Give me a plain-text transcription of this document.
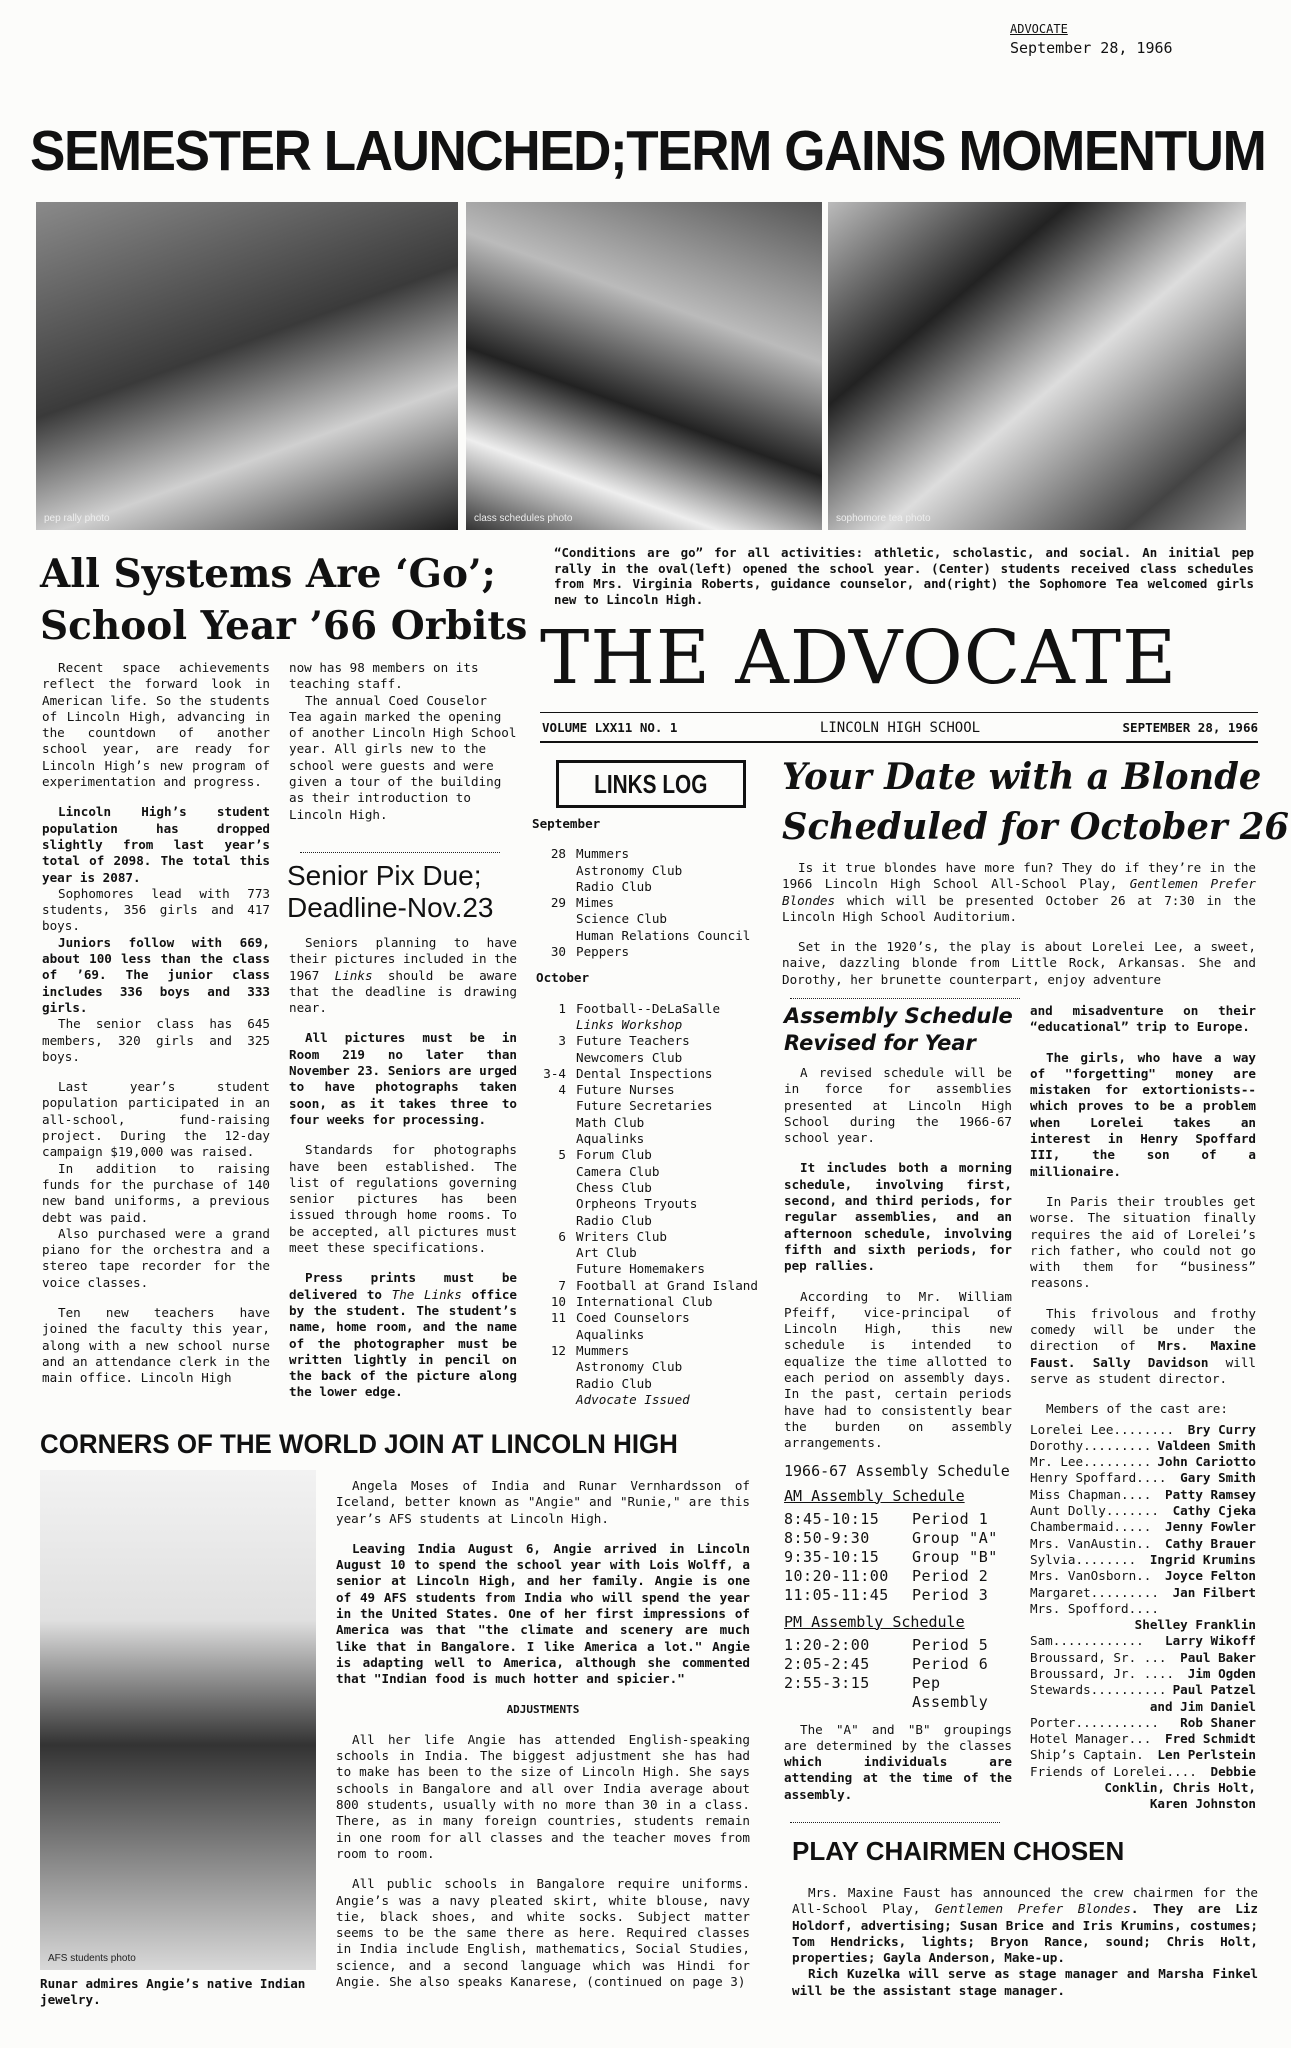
ADVOCATE
September 28, 1966
SEMESTER LAUNCHED;TERM GAINS MOMENTUM
pep rally photo	class schedules photo	sophomore tea photo
“Conditions are go” for all activities: athletic, scholastic, and social. An initial pep rally in the oval(left) opened the school year. (Center) students received class schedules from Mrs. Virginia Roberts, guidance counselor, and(right) the Sophomore Tea welcomed girls new to Lincoln High.
All Systems Are ‘Go’;
School Year ’66 Orbits

Recent space achievements reflect the forward look in American life. So the students of Lincoln High, advancing in the countdown of another school year, are ready for Lincoln High’s new program of experimentation and progress.

Lincoln High’s student population has dropped slightly from last year’s total of 2098. The total this year is 2087.

Sophomores lead with 773 students, 356 girls and 417 boys.

Juniors follow with 669, about 100 less than the class of ’69. The junior class includes 336 boys and 333 girls.

The senior class has 645 members, 320 girls and 325 boys.

Last year’s student population participated in an all-school, fund-raising project. During the 12-day campaign $19,000 was raised.

In addition to raising funds for the purchase of 140 new band uniforms, a previous debt was paid.

Also purchased were a grand piano for the orchestra and a stereo tape recorder for the voice classes.

Ten new teachers have joined the faculty this year, along with a new school nurse and an attendance clerk in the main office. Lincoln High

now has 98 members on its teaching staff.

The annual Coed Couselor Tea again marked the opening of another Lincoln High School year. All girls new to the school were guests and were given a tour of the building as their introduction to Lincoln High.

Senior Pix Due;
Deadline-Nov.23

Seniors planning to have their pictures included in the 1967 Links should be aware that the deadline is drawing near.

All pictures must be in Room 219 no later than November 23. Seniors are urged to have photographs taken soon, as it takes three to four weeks for processing.

Standards for photographs have been established. The list of regulations governing senior pictures has been issued through home rooms. To be accepted, all pictures must meet these specifications.

Press prints must be delivered to The Links office by the student. The student’s name, home room, and the name of the photographer must be written lightly in pencil on the back of the picture along the lower edge.

THE ADVOCATE
VOLUME LXX11 NO. 1	LINCOLN HIGH SCHOOL	SEPTEMBER 28, 1966
LINKS LOG
September
28 Mummers
Astronomy Club
Radio Club
29 Mimes
Science Club
Human Relations Council
30 Peppers
October
1 Football--DeLaSalle
Links Workshop
3 Future Teachers
Newcomers Club
3-4 Dental Inspections
4 Future Nurses
Future Secretaries
Math Club
Aqualinks
5 Forum Club
Camera Club
Chess Club
Orpheons Tryouts
Radio Club
6 Writers Club
Art Club
Future Homemakers
7 Football at Grand Island
10 International Club
11 Coed Counselors
Aqualinks
12 Mummers
Astronomy Club
Radio Club
Advocate Issued
Your Date with a Blonde
Scheduled for October 26

Is it true blondes have more fun? They do if they’re in the 1966 Lincoln High School All-School Play, Gentlemen Prefer Blondes which will be presented October 26 at 7:30 in the Lincoln High School Auditorium.

Set in the 1920’s, the play is about Lorelei Lee, a sweet, naive, dazzling blonde from Little Rock, Arkansas. She and Dorothy, her brunette counterpart, enjoy adventure

and misadventure on their “educational” trip to Europe.

The girls, who have a way of "forgetting" money are mistaken for extortionists--which proves to be a problem when Lorelei takes an interest in Henry Spoffard III, the son of a millionaire.

In Paris their troubles get worse. The situation finally requires the aid of Lorelei’s rich father, who could not go with them for “business” reasons.

This frivolous and frothy comedy will be under the direction of Mrs. Maxine Faust. Sally Davidson will serve as student director.

Members of the cast are:

Lorelei Lee........ Bry Curry
Dorothy......... Valdeen Smith
Mr. Lee......... John Cariotto
Henry Spoffard.... Gary Smith
Miss Chapman.... Patty Ramsey
Aunt Dolly....... Cathy Cjeka
Chambermaid..... Jenny Fowler
Mrs. VanAustin.. Cathy Brauer
Sylvia........ Ingrid Krumins
Mrs. VanOsborn.. Joyce Felton
Margaret......... Jan Filbert
Mrs. Spofford....
Shelley Franklin
Sam............ Larry Wikoff
Broussard, Sr. ... Paul Baker
Broussard, Jr. .... Jim Ogden
Stewards.......... Paul Patzel
and Jim Daniel
Porter........... Rob Shaner
Hotel Manager... Fred Schmidt
Ship’s Captain. Len Perlstein
Friends of Lorelei.... Debbie
Conklin, Chris Holt,
Karen Johnston
Assembly Schedule
Revised for Year

A revised schedule will be in force for assemblies presented at Lincoln High School during the 1966-67 school year.

It includes both a morning schedule, involving first, second, and third periods, for regular assemblies, and an afternoon schedule, involving fifth and sixth periods, for pep rallies.

According to Mr. William Pfeiff, vice-principal of Lincoln High, this new schedule is intended to equalize the time allotted to each period on assembly days. In the past, certain periods have had to consistently bear the burden on assembly arrangements.

1966-67 Assembly Schedule
AM Assembly Schedule
8:45-10:15	Period 1
8:50-9:30	Group "A"
9:35-10:15	Group "B"
10:20-11:00	Period 2
11:05-11:45	Period 3
PM Assembly Schedule
1:20-2:00	Period 5
2:05-2:45	Period 6
2:55-3:15	Pep Assembly

The "A" and "B" groupings are determined by the classes which individuals are attending at the time of the assembly.

CORNERS OF THE WORLD JOIN AT LINCOLN HIGH
AFS students photo
Runar admires Angie’s native Indian jewelry.

Angela Moses of India and Runar Vernhardsson of Iceland, better known as "Angie" and "Runie," are this year’s AFS students at Lincoln High.

Leaving India August 6, Angie arrived in Lincoln August 10 to spend the school year with Lois Wolff, a senior at Lincoln High, and her family. Angie is one of 49 AFS students from India who will spend the year in the United States. One of her first impressions of America was that "the climate and scenery are much like that in Bangalore. I like America a lot." Angie is adapting well to America, although she commented that "Indian food is much hotter and spicier."

ADJUSTMENTS

All her life Angie has attended English-speaking schools in India. The biggest adjustment she has had to make has been to the size of Lincoln High. She says schools in Bangalore and all over India average about 800 students, usually with no more than 30 in a class. There, as in many foreign countries, students remain in one room for all classes and the teacher moves from room to room.

All public schools in Bangalore require uniforms. Angie’s was a navy pleated skirt, white blouse, navy tie, black shoes, and white socks. Subject matter seems to be the same there as here. Required classes in India include English, mathematics, Social Studies, science, and a second language which was Hindi for Angie. She also speaks Kanarese, (continued on page 3)

PLAY CHAIRMEN CHOSEN

Mrs. Maxine Faust has announced the crew chairmen for the All-School Play, Gentlemen Prefer Blondes. They are Liz Holdorf, advertising; Susan Brice and Iris Krumins, costumes; Tom Hendricks, lights; Bryon Rance, sound; Chris Holt, properties; Gayla Anderson, Make-up.

Rich Kuzelka will serve as stage manager and Marsha Finkel will be the assistant stage manager.
